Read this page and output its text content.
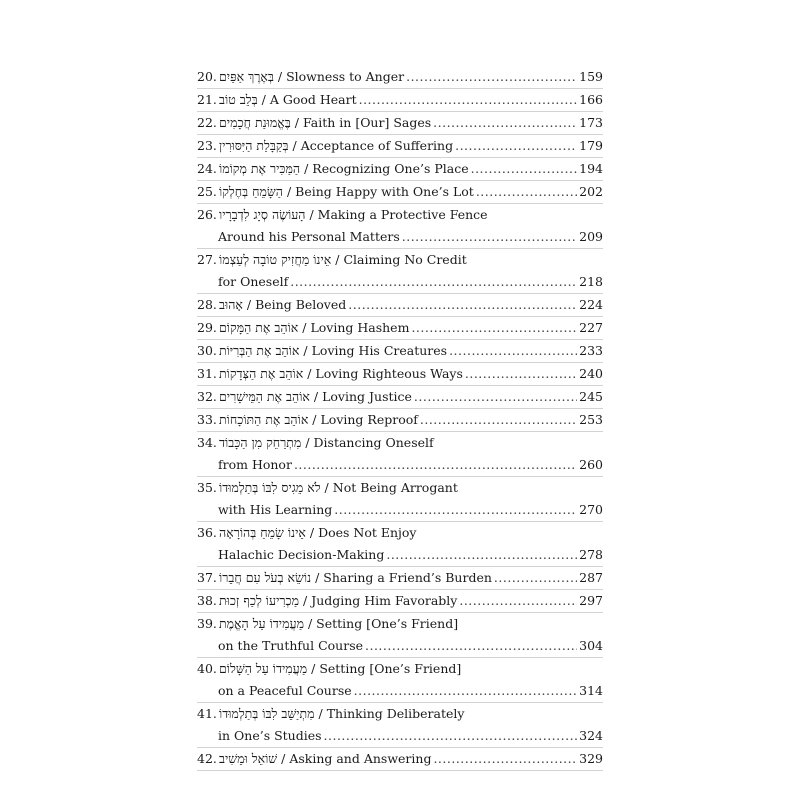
20. בְּאֶרֶךְ אַפַּיִם / Slowness to Anger .....	159
21. בְּלֵב טוֹב / A Good Heart .....	166
22. בֶּאֱמוּנַת חֲכָמִים / Faith in [Our] Sages .....	173
23. בְּקַבָּלַת הַיִּסּוּרִין / Acceptance of Suffering .....	179
24. הַמַּכִּיר אֶת מְקוֹמוֹ / Recognizing One’s Place .....	194
25. הַשָּׂמֵחַ בְּחֶלְקוֹ / Being Happy with One’s Lot .....	202
26. הָעוֹשֶׂה סְיָג לִדְבָרָיו / Making a Protective Fence
Around his Personal Matters .....	209
27. אֵינוֹ מַחֲזִיק טוֹבָה לְעַצְמוֹ / Claiming No Credit
for Oneself .....	218
28. אָהוּב / Being Beloved .....	224
29. אוֹהֵב אֶת הַמָּקוֹם / Loving Hashem .....	227
30. אוֹהֵב אֶת הַבְּרִיּוֹת / Loving His Creatures .....	233
31. אוֹהֵב אֶת הַצְּדָקוֹת / Loving Righteous Ways .....	240
32. אוֹהֵב אֶת הַמֵּישָׁרִים / Loving Justice .....	245
33. אוֹהֵב אֶת הַתּוֹכָחוֹת / Loving Reproof .....	253
34. מִתְרַחֵק מִן הַכָּבוֹד / Distancing Oneself
from Honor .....	260
35. לֹא מֵגִיס לִבּוֹ בְּתַלְמוּדוֹ / Not Being Arrogant
with His Learning .....	270
36. אֵינוֹ שָׂמֵחַ בְּהוֹרָאָה / Does Not Enjoy
Halachic Decision-Making .....	278
37. נוֹשֵׂא בְעֹל עִם חֲבֵרוֹ / Sharing a Friend’s Burden .....	287
38. מַכְרִיעוֹ לְכַף זְכוּת / Judging Him Favorably .....	297
39. מַעֲמִידוֹ עַל הָאֱמֶת / Setting [One’s Friend]
on the Truthful Course .....	304
40. מַעֲמִידוֹ עַל הַשָּׁלוֹם / Setting [One’s Friend]
on a Peaceful Course .....	314
41. מִתְיַשֵּׁב לִבּוֹ בְּתַלְמוּדוֹ / Thinking Deliberately
in One’s Studies .....	324
42. שׁוֹאֵל וּמֵשִׁיב / Asking and Answering .....	329
